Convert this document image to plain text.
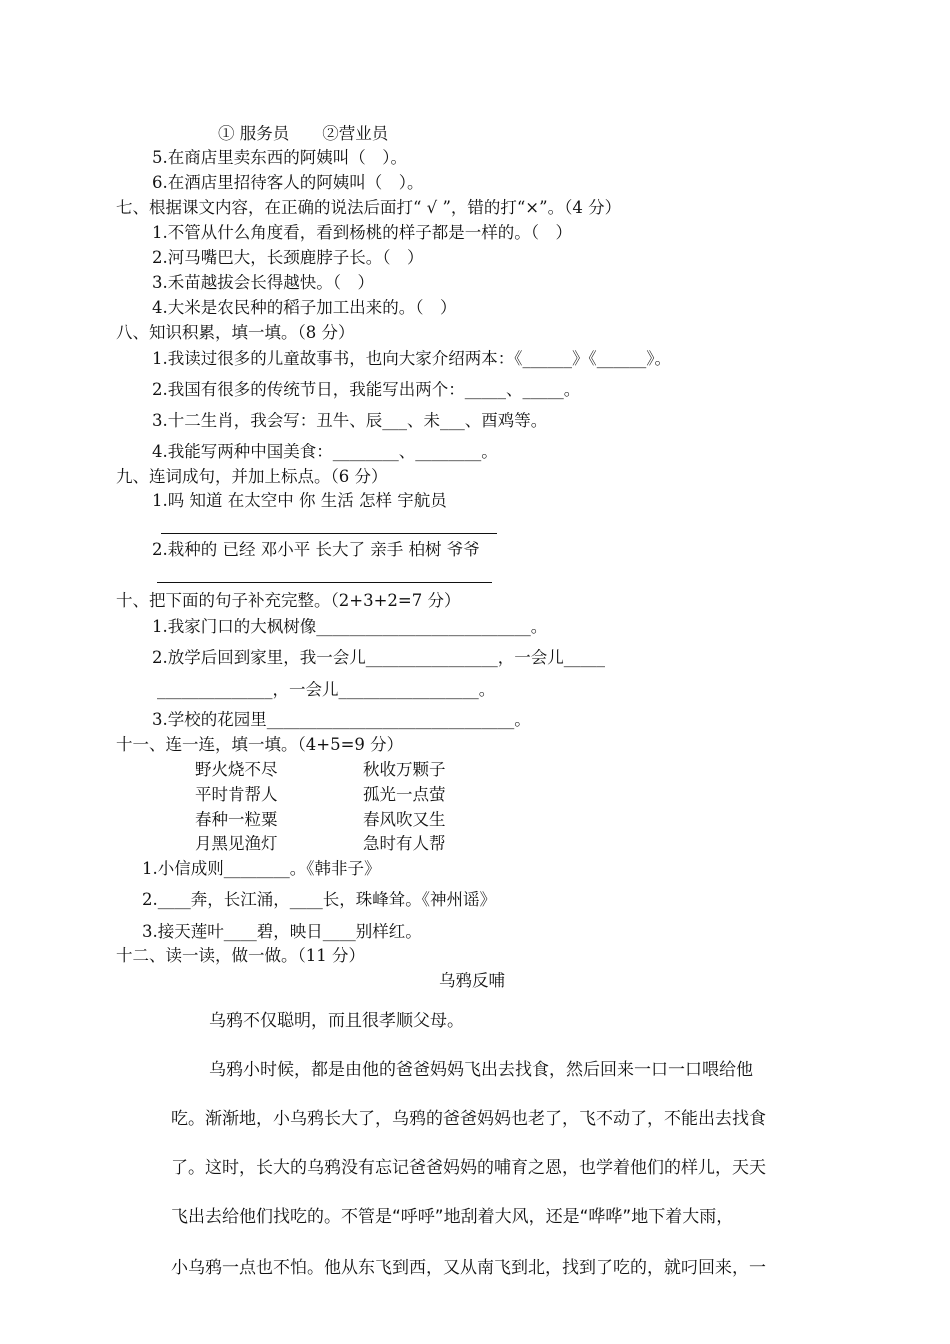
① 服务员　　②营业员
5.在商店里卖东西的阿姨叫（　）。
6.在酒店里招待客人的阿姨叫（　）。
七、根据课文内容，在正确的说法后面打“ √ ”，错的打“×”。（4 分）
1.不管从什么角度看，看到杨桃的样子都是一样的。（　）
2.河马嘴巴大，长颈鹿脖子长。（　）
3.禾苗越拔会长得越快。（　）
4.大米是农民种的稻子加工出来的。（　）
八、知识积累，填一填。（8 分）
1.我读过很多的儿童故事书，也向大家介绍两本：《______》《______》。
2.我国有很多的传统节日，我能写出两个：_____、_____。
3.十二生肖，我会写：丑牛、辰___、未___、酉鸡等。
4.我能写两种中国美食：________、________。
九、连词成句，并加上标点。（6 分）
1.吗 知道 在太空中 你 生活 怎样 宇航员
2.栽种的 已经 邓小平 长大了 亲手 柏树 爷爷
十、把下面的句子补充完整。（2+3+2=7 分）
1.我家门口的大枫树像__________________________。
2.放学后回到家里，我一会儿________________，一会儿_____
______________，一会儿_________________。
3.学校的花园里______________________________。
十一、连一连，填一填。（4+5=9 分）
野火烧不尽	秋收万颗子
平时肯帮人	孤光一点萤
春种一粒粟	春风吹又生
月黑见渔灯	急时有人帮
1.小信成则________。《韩非子》
2.____奔，长江涌，____长，珠峰耸。《神州谣》
3.接天莲叶____碧，映日____别样红。
十二、读一读，做一做。（11 分）
乌鸦反哺
乌鸦不仅聪明，而且很孝顺父母。
乌鸦小时候，都是由他的爸爸妈妈飞出去找食，然后回来一口一口喂给他
吃。渐渐地，小乌鸦长大了，乌鸦的爸爸妈妈也老了，飞不动了，不能出去找食
了。这时，长大的乌鸦没有忘记爸爸妈妈的哺育之恩，也学着他们的样儿，天天
飞出去给他们找吃的。不管是“呼呼”地刮着大风，还是“哗哗”地下着大雨，
小乌鸦一点也不怕。他从东飞到西，又从南飞到北，找到了吃的，就叼回来，一
